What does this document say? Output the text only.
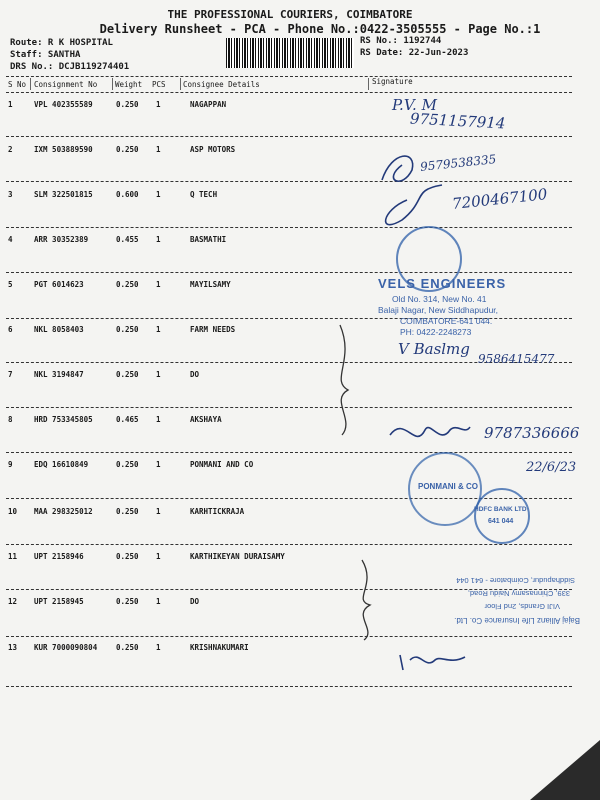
THE PROFESSIONAL COURIERS, COIMBATORE
Delivery Runsheet - PCA - Phone No.:0422-3505555 - Page No.:1
Route: R K HOSPITAL
Staff: SANTHA
DRS No.: DCJB119274401
RS No.: 1192744
RS Date: 22-Jun-2023
S No Consignment No Weight PCS Consignee Details	Signature
1	VPL 402355589	0.250 1	NAGAPPAN
2	IXM 503889590	0.250 1	ASP MOTORS
3	SLM 322501815	0.600 1	Q TECH
4	ARR 30352389	0.455 1	BASMATHI
5	PGT 6014623	0.250 1	MAYILSAMY
6	NKL 8058403	0.250 1	FARM NEEDS
7	NKL 3194847	0.250 1	DO
8	HRD 753345805	0.465 1	AKSHAYA
9	EDQ 16610849	0.250 1	PONMANI AND CO
10 MAA 298325012	0.250 1	KARHTICKRAJA
11 UPT 2158946	0.250 1	KARTHIKEYAN DURAISAMY
12 UPT 2158945	0.250 1	DO
13 KUR 7000090804	0.250 1	KRISHNAKUMARI
VELS ENGINEERS
Old No. 314, New No. 41
Balaji Nagar, New Siddhapudur,
COIMBATORE-641 044.
PH: 0422-2248273
PONMANI & CO
HDFC BANK LTD
641 044
Bajaj Allianz Life Insurance Co. Ltd.
VIJI Grands, 2nd Floor
339, Chinnasamy Naidu Road,
Siddhapudur, Coimbatore - 641 044
P.V. M
9751157914
9579538335
7200467100
V Baslmg
9586415477
9787336666
22/6/23
